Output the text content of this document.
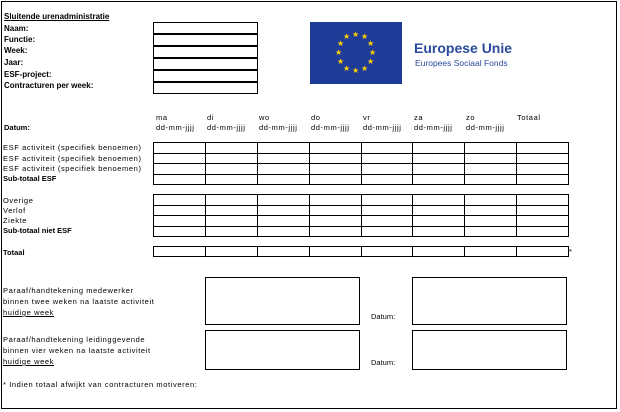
Sluitende urenadministratie
Naam:
Functie:
Week:
Jaar:
ESF-project:
Contracturen per week:
★ ★
★
★
★
★
★
★
★
★
★
★
Europese Unie
Europees Sociaal Fonds
ma	di	wo	do	vr	za	zo	Totaal
Datum:	dd-mm-jjjj dd-mm-jjjj dd-mm-jjjj dd-mm-jjjj dd-mm-jjjj dd-mm-jjjj dd-mm-jjjj
ESF activiteit (specifiek benoemen)
ESF activiteit (specifiek benoemen)
ESF activiteit (specifiek benoemen)
Sub-totaal ESF
Overige
Verlof
Ziekte
Sub-totaal niet ESF
Totaal	*
Paraaf/handtekening medewerker
binnen twee weken na laatste activiteit
huidige week	Datum:
Paraaf/handtekening leidinggevende
binnen vier weken na laatste activiteit
huidige week	Datum:
* Indien totaal afwijkt van contracturen motiveren:
